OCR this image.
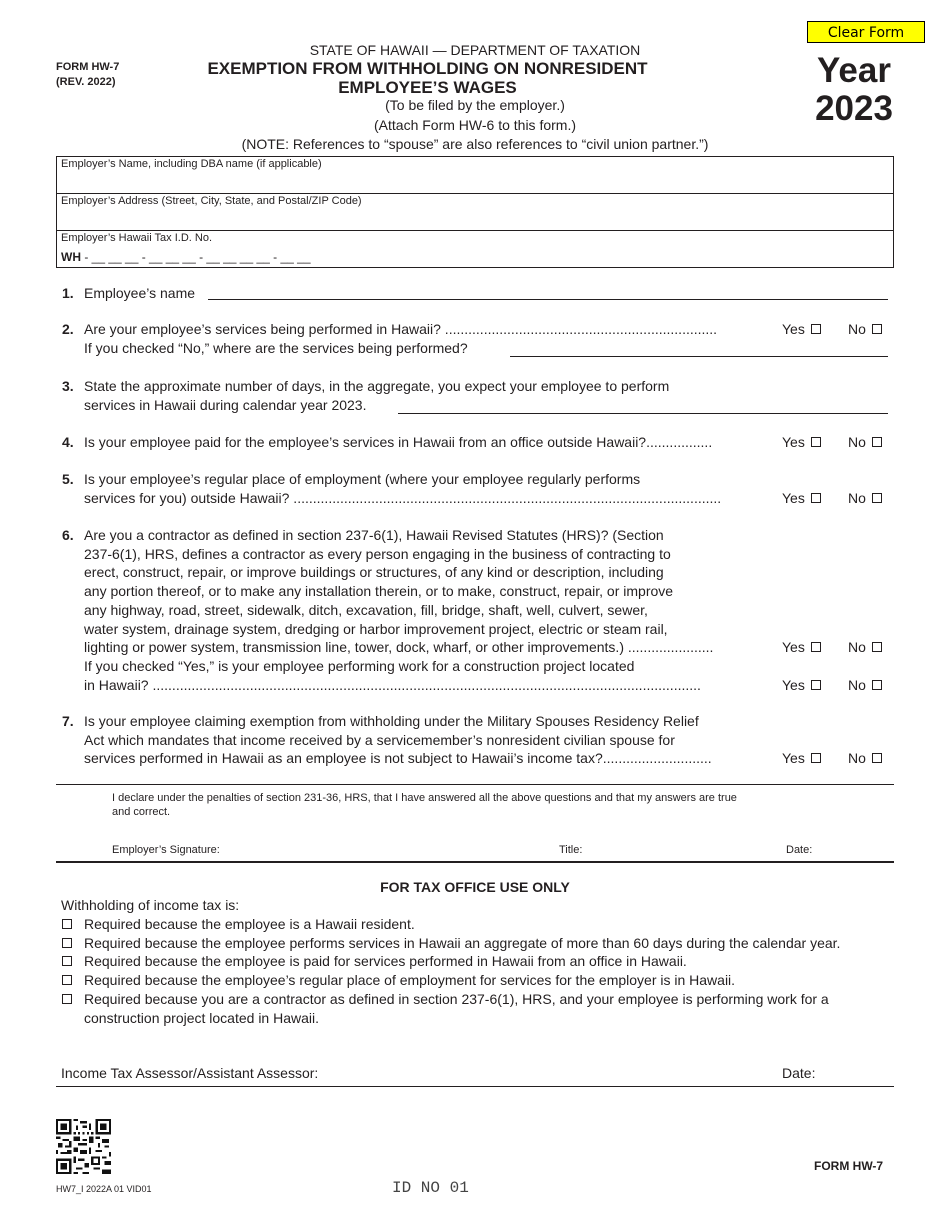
FORM HW-7
(REV. 2022)
STATE OF HAWAII — DEPARTMENT OF TAXATION
EXEMPTION FROM WITHHOLDING ON NONRESIDENT
EMPLOYEE’S WAGES
(To be filed by the employer.)
(Attach Form HW-6 to this form.)
(NOTE: References to “spouse” are also references to “civil union partner.”)
Clear Form
Year
2023
Employer’s Name, including DBA name (if applicable)
Employer’s Address (Street, City, State, and Postal/ZIP Code)
Employer’s Hawaii Tax I.D. No.
WH - __ __ __ - __ __ __ - __ __ __ __ - __ __
1. Employee’s name
2. Are your employee’s services being performed in Hawaii? ......................................................................	Yes	No
If you checked “No,” where are the services being performed?
3. State the approximate number of days, in the aggregate, you expect your employee to perform
services in Hawaii during calendar year 2023.
4. Is your employee paid for the employee’s services in Hawaii from an office outside Hawaii?.................	Yes	No
5. Is your employee’s regular place of employment (where your employee regularly performs
services for you) outside Hawaii? ..............................................................................................................	Yes	No
6. Are you a contractor as defined in section 237-6(1), Hawaii Revised Statutes (HRS)? (Section
237-6(1), HRS, defines a contractor as every person engaging in the business of contracting to
erect, construct, repair, or improve buildings or structures, of any kind or description, including
any portion thereof, or to make any installation therein, or to make, construct, repair, or improve
any highway, road, street, sidewalk, ditch, excavation, fill, bridge, shaft, well, culvert, sewer,
water system, drainage system, dredging or harbor improvement project, electric or steam rail,
lighting or power system, transmission line, tower, dock, wharf, or other improvements.) ......................	Yes	No
If you checked “Yes,” is your employee performing work for a construction project located
in Hawaii? .............................................................................................................................................	Yes	No
7. Is your employee claiming exemption from withholding under the Military Spouses Residency Relief
Act which mandates that income received by a servicemember’s nonresident civilian spouse for
services performed in Hawaii as an employee is not subject to Hawaii’s income tax?............................	Yes	No
I declare under the penalties of section 231-36, HRS, that I have answered all the above questions and that my answers are true
and correct.
Employer’s Signature:	Title:	Date:
FOR TAX OFFICE USE ONLY
Withholding of income tax is:
Required because the employee is a Hawaii resident.
Required because the employee performs services in Hawaii an aggregate of more than 60 days during the calendar year.
Required because the employee is paid for services performed in Hawaii from an office in Hawaii.
Required because the employee’s regular place of employment for services for the employer is in Hawaii.
Required because you are a contractor as defined in section 237-6(1), HRS, and your employee is performing work for a construction project located in Hawaii.
Income Tax Assessor/Assistant Assessor:	Date:
HW7_I 2022A 01 VID01	ID NO 01
FORM HW-7
